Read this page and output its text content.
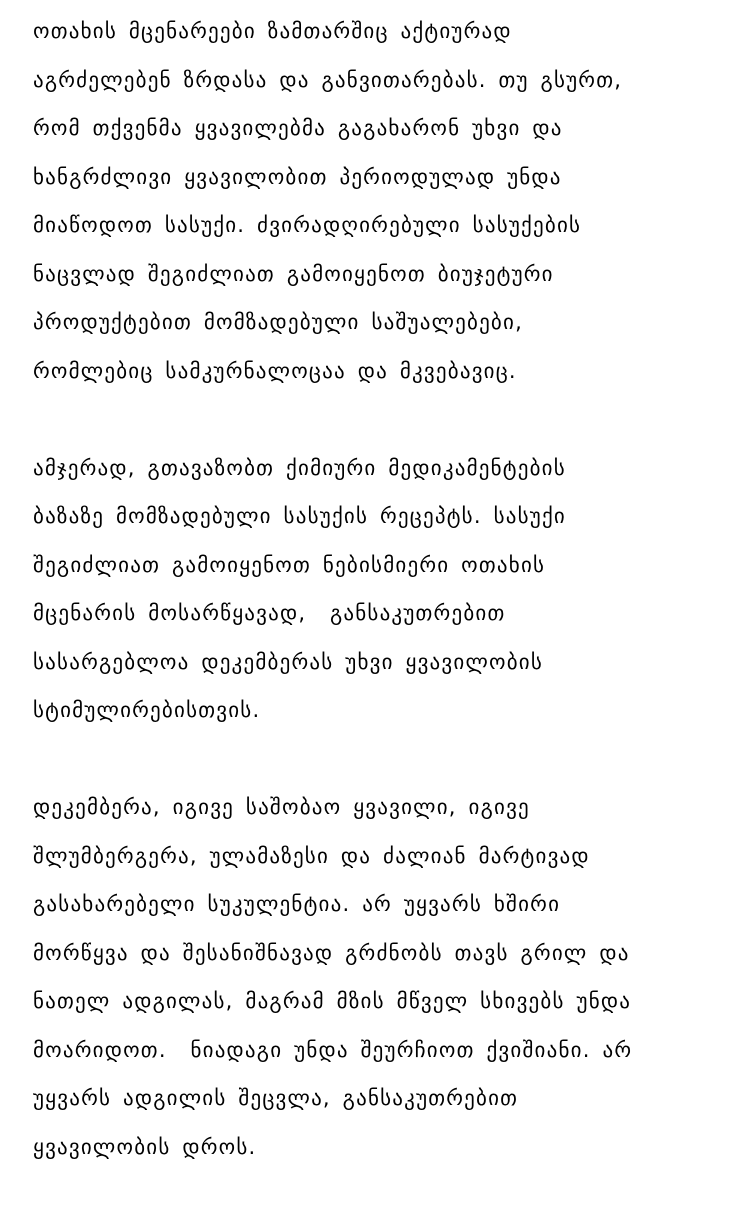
ოთახის მცენარეები ზამთარშიც აქტიურად
აგრძელებენ ზრდასა და განვითარებას. თუ გსურთ,
რომ თქვენმა ყვავილებმა გაგახარონ უხვი და
ხანგრძლივი ყვავილობით პერიოდულად უნდა
მიაწოდოთ სასუქი. ძვირადღირებული სასუქების
ნაცვლად შეგიძლიათ გამოიყენოთ ბიუჯეტური
პროდუქტებით მომზადებული საშუალებები,
რომლებიც სამკურნალოცაა და მკვებავიც.
ამჯერად, გთავაზობთ ქიმიური მედიკამენტების
ბაზაზე მომზადებული სასუქის რეცეპტს. სასუქი
შეგიძლიათ გამოიყენოთ ნებისმიერი ოთახის
მცენარის მოსარწყავად,  განსაკუთრებით
სასარგებლოა დეკემბერას უხვი ყვავილობის
სტიმულირებისთვის.
დეკემბერა, იგივე საშობაო ყვავილი, იგივე
შლუმბერგერა, ულამაზესი და ძალიან მარტივად
გასახარებელი სუკულენტია. არ უყვარს ხშირი
მორწყვა და შესანიშნავად გრძნობს თავს გრილ და
ნათელ ადგილას, მაგრამ მზის მწველ სხივებს უნდა
მოარიდოთ.  ნიადაგი უნდა შეურჩიოთ ქვიშიანი. არ
უყვარს ადგილის შეცვლა, განსაკუთრებით
ყვავილობის დროს.
